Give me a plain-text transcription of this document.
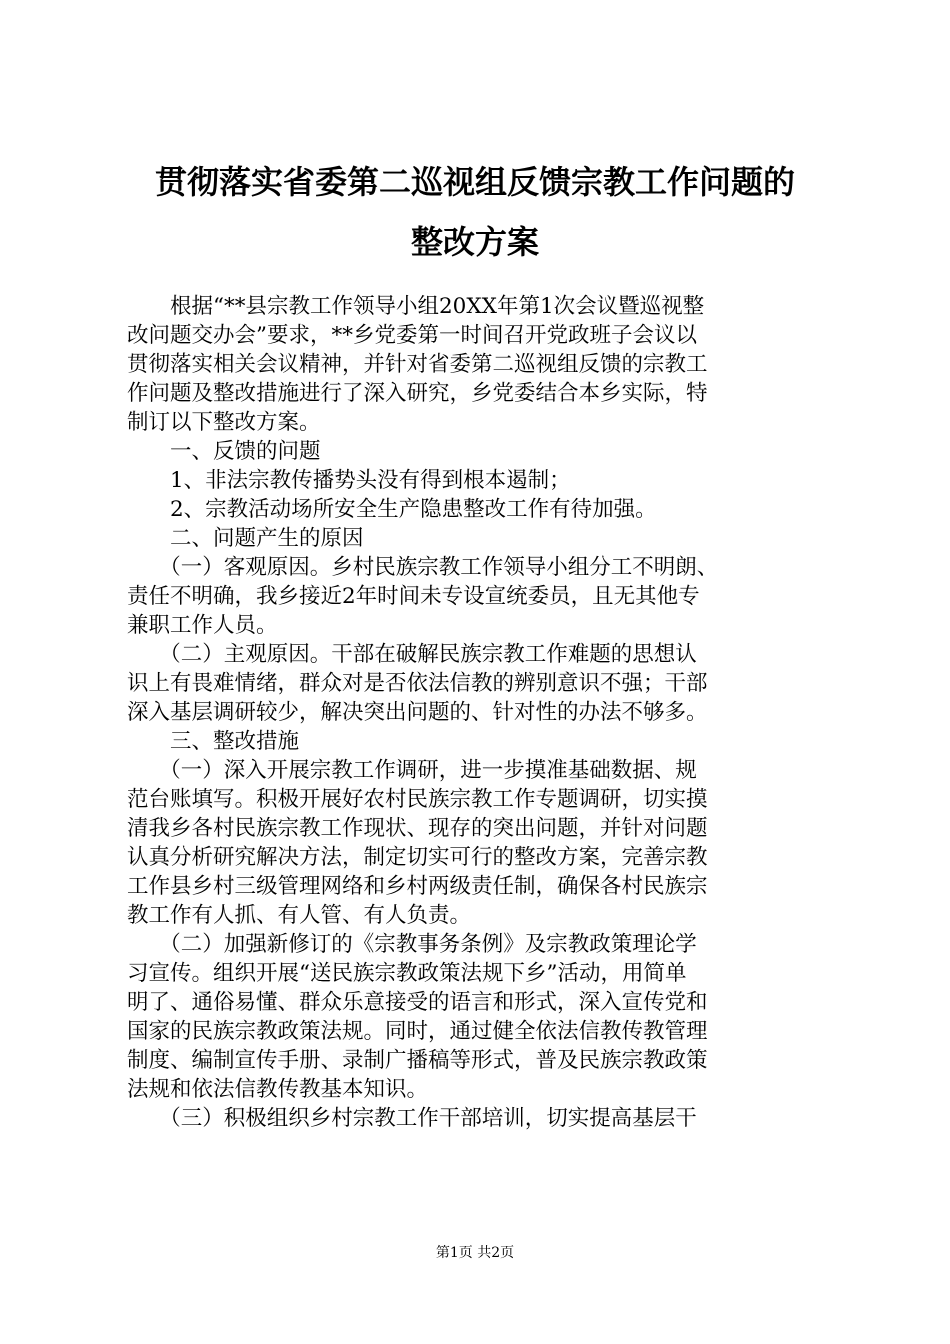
贯彻落实省委第二巡视组反馈宗教工作问题的
整改方案
　　根据“**县宗教工作领导小组20XX年第1次会议暨巡视整
改问题交办会”要求，**乡党委第一时间召开党政班子会议以
贯彻落实相关会议精神，并针对省委第二巡视组反馈的宗教工
作问题及整改措施进行了深入研究，乡党委结合本乡实际，特
制订以下整改方案。
　　一、反馈的问题
　　1、非法宗教传播势头没有得到根本遏制；
　　2、宗教活动场所安全生产隐患整改工作有待加强。
　　二、问题产生的原因
　　（一）客观原因。乡村民族宗教工作领导小组分工不明朗、
责任不明确，我乡接近2年时间未专设宣统委员，且无其他专
兼职工作人员。
　　（二）主观原因。干部在破解民族宗教工作难题的思想认
识上有畏难情绪，群众对是否依法信教的辨别意识不强；干部
深入基层调研较少，解决突出问题的、针对性的办法不够多。
　　三、整改措施
　　（一）深入开展宗教工作调研，进一步摸准基础数据、规
范台账填写。积极开展好农村民族宗教工作专题调研，切实摸
清我乡各村民族宗教工作现状、现存的突出问题，并针对问题
认真分析研究解决方法，制定切实可行的整改方案，完善宗教
工作县乡村三级管理网络和乡村两级责任制，确保各村民族宗
教工作有人抓、有人管、有人负责。
　　（二）加强新修订的《宗教事务条例》及宗教政策理论学
习宣传。组织开展“送民族宗教政策法规下乡”活动，用简单
明了、通俗易懂、群众乐意接受的语言和形式，深入宣传党和
国家的民族宗教政策法规。同时，通过健全依法信教传教管理
制度、编制宣传手册、录制广播稿等形式，普及民族宗教政策
法规和依法信教传教基本知识。
　　（三）积极组织乡村宗教工作干部培训，切实提高基层干
第1页 共2页
